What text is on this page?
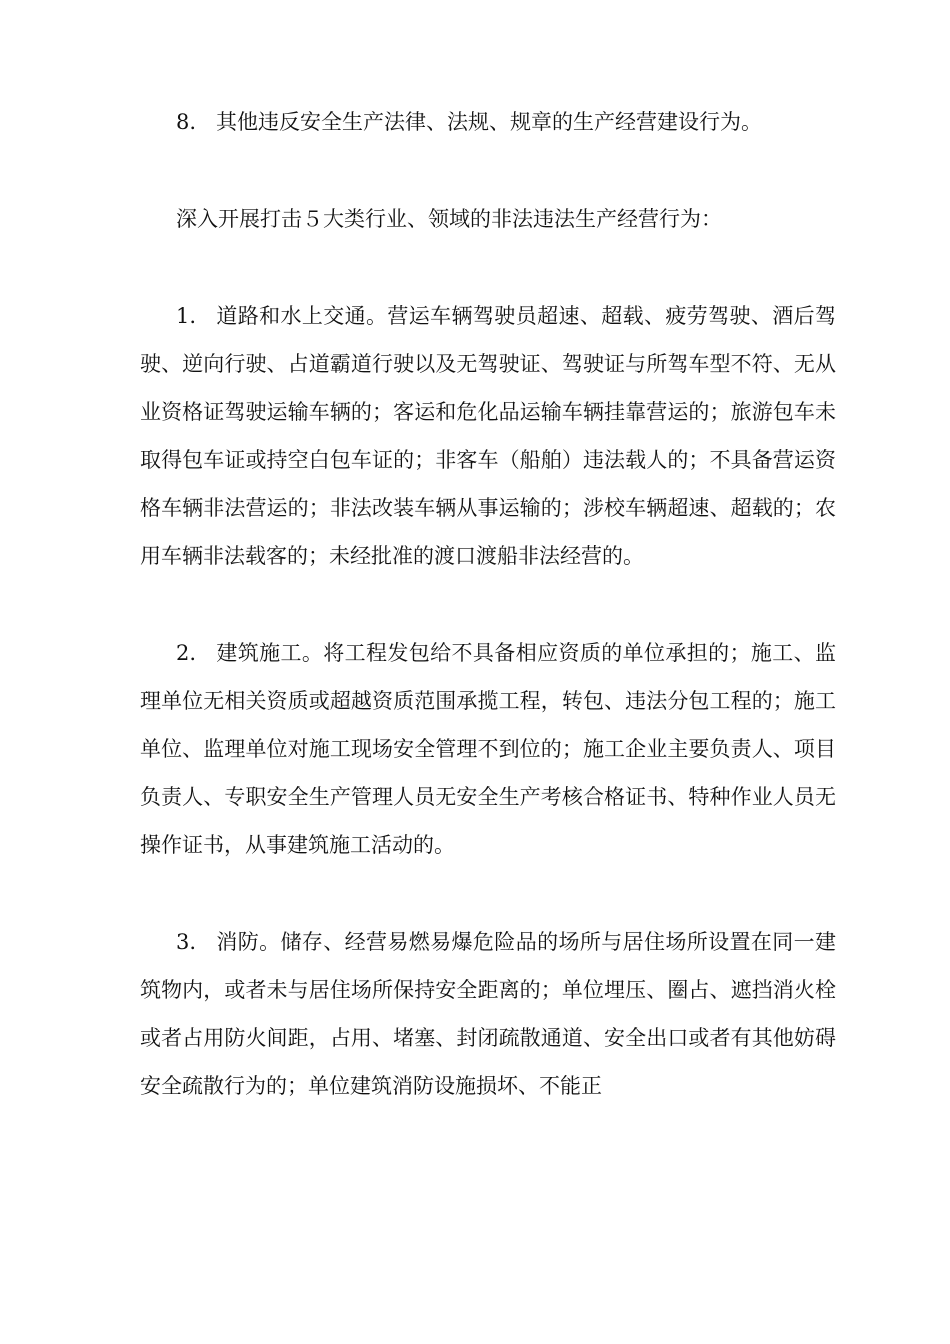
8. 其他违反安全生产法律、法规、规章的生产经营建设行为。

深入开展打击５大类行业、领域的非法违法生产经营行为：

1. 道路和水上交通。营运车辆驾驶员超速、超载、疲劳驾驶、酒后驾驶、逆向行驶、占道霸道行驶以及无驾驶证、驾驶证与所驾车型不符、无从业资格证驾驶运输车辆的；客运和危化品运输车辆挂靠营运的；旅游包车未取得包车证或持空白包车证的；非客车（船舶）违法载人的；不具备营运资格车辆非法营运的；非法改装车辆从事运输的；涉校车辆超速、超载的；农用车辆非法载客的；未经批准的渡口渡船非法经营的。

2. 建筑施工。将工程发包给不具备相应资质的单位承担的；施工、监理单位无相关资质或超越资质范围承揽工程，转包、违法分包工程的；施工单位、监理单位对施工现场安全管理不到位的；施工企业主要负责人、项目负责人、专职安全生产管理人员无安全生产考核合格证书、特种作业人员无操作证书，从事建筑施工活动的。

3. 消防。储存、经营易燃易爆危险品的场所与居住场所设置在同一建筑物内，或者未与居住场所保持安全距离的；单位埋压、圈占、遮挡消火栓或者占用防火间距，占用、堵塞、封闭疏散通道、安全出口或者有其他妨碍安全疏散行为的；单位建筑消防设施损坏、不能正
